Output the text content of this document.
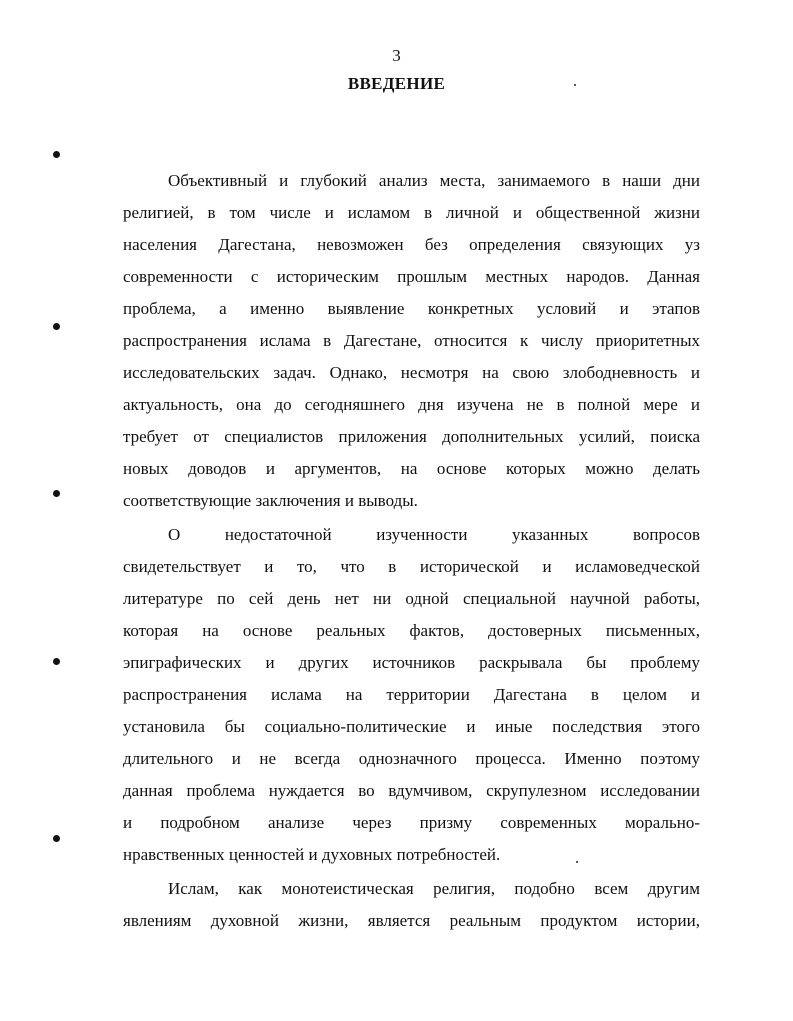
3
ВВЕДЕНИЕ
Объективный и глубокий анализ места, занимаемого в наши дни
религией, в том числе и исламом в личной и общественной жизни
населения Дагестана, невозможен без определения связующих уз
современности с историческим прошлым местных народов. Данная
проблема, а именно выявление конкретных условий и этапов
распространения ислама в Дагестане, относится к числу приоритетных
исследовательских задач. Однако, несмотря на свою злободневность и
актуальность, она до сегодняшнего дня изучена не в полной мере и
требует от специалистов приложения дополнительных усилий, поиска
новых доводов и аргументов, на основе которых можно делать
соответствующие заключения и выводы.
О недостаточной изученности указанных вопросов
свидетельствует и то, что в исторической и исламоведческой
литературе по сей день нет ни одной специальной научной работы,
которая на основе реальных фактов, достоверных письменных,
эпиграфических и других источников раскрывала бы проблему
распространения ислама на территории Дагестана в целом и
установила бы социально-политические и иные последствия этого
длительного и не всегда однозначного процесса. Именно поэтому
данная проблема нуждается во вдумчивом, скрупулезном исследовании
и подробном анализе через призму современных морально-
нравственных ценностей и духовных потребностей.
Ислам, как монотеистическая религия, подобно всем другим
явлениям духовной жизни, является реальным продуктом истории,
